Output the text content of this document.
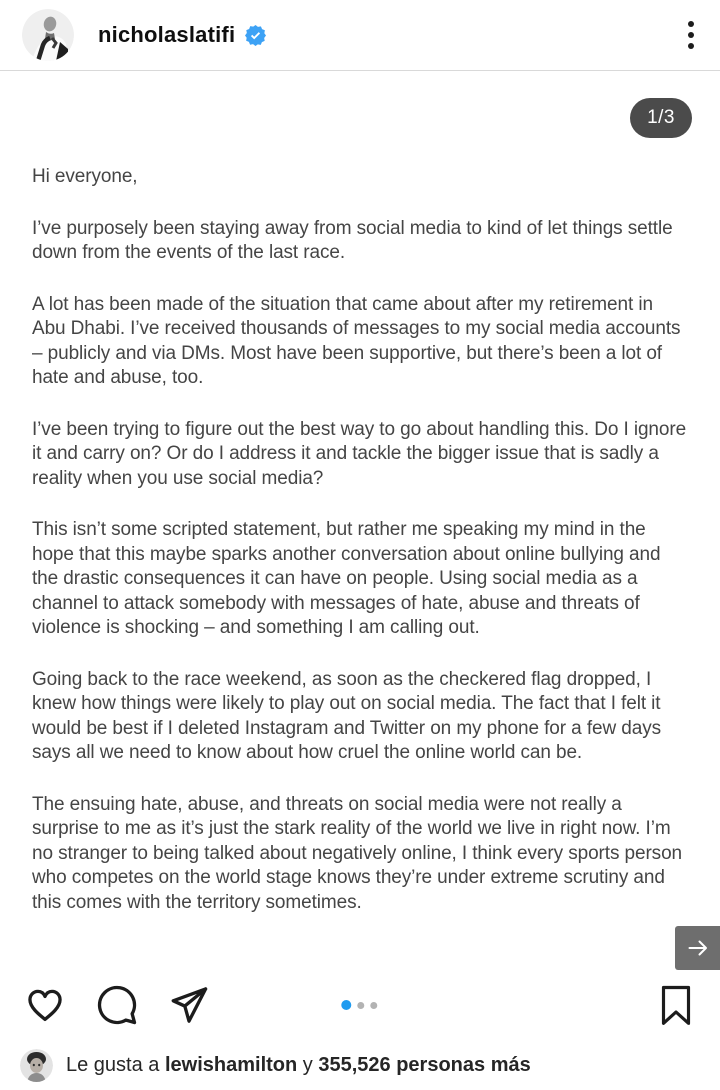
nicholaslatifi
1/3

Hi everyone,

I’ve purposely been staying away from social media to kind of let things settle down from the events of the last race.

A lot has been made of the situation that came about after my retirement in Abu Dhabi. I’ve received thousands of messages to my social media accounts – publicly and via DMs. Most have been supportive, but there’s been a lot of hate and abuse, too.

I’ve been trying to figure out the best way to go about handling this. Do I ignore it and carry on? Or do I address it and tackle the bigger issue that is sadly a reality when you use social media?

This isn’t some scripted statement, but rather me speaking my mind in the hope that this maybe sparks another conversation about online bullying and the drastic consequences it can have on people. Using social media as a channel to attack somebody with messages of hate, abuse and threats of violence is shocking – and something I am calling out.

Going back to the race weekend, as soon as the checkered flag dropped, I knew how things were likely to play out on social media. The fact that I felt it would be best if I deleted Instagram and Twitter on my phone for a few days says all we need to know about how cruel the online world can be.

The ensuing hate, abuse, and threats on social media were not really a surprise to me as it’s just the stark reality of the world we live in right now. I’m no stranger to being talked about negatively online, I think every sports person who competes on the world stage knows they’re under extreme scrutiny and this comes with the territory sometimes.

Le gusta a lewishamilton y 355,526 personas más
